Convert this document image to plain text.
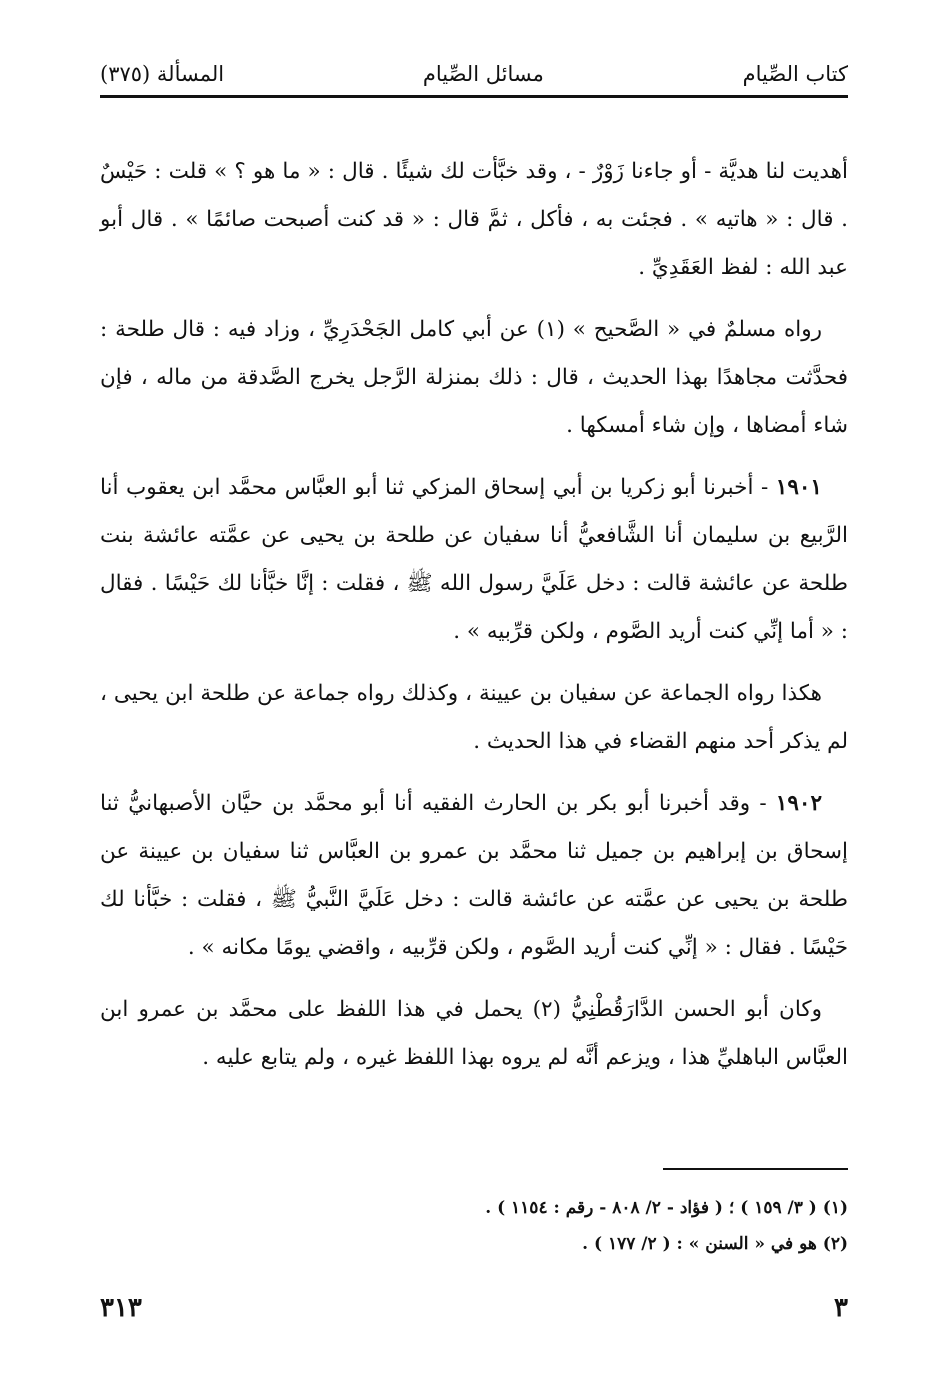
كتاب الصِّيام
مسائل الصِّيام
المسألة (٣٧٥)

أهديت لنا هديَّة - أو جاءنا زَوْرٌ - ، وقد خبَّأت لك شيئًا . قال : « ما هو ؟ » قلت : حَيْسٌ . قال : « هاتيه » . فجئت به ، فأكل ، ثمَّ قال : « قد كنت أصبحت صائمًا » . قال أبو عبد الله : لفظ العَقَدِيِّ .

رواه مسلمٌ في « الصَّحيح » (١) عن أبي كامل الجَحْدَرِيِّ ، وزاد فيه : قال طلحة : فحدَّثت مجاهدًا بهذا الحديث ، قال : ذلك بمنزلة الرَّجل يخرج الصَّدقة من ماله ، فإن شاء أمضاها ، وإن شاء أمسكها .

١٩٠١ - أخبرنا أبو زكريا بن أبي إسحاق المزكي ثنا أبو العبَّاس محمَّد ابن يعقوب أنا الرَّبيع بن سليمان أنا الشَّافعيُّ أنا سفيان عن طلحة بن يحيى عن عمَّته عائشة بنت طلحة عن عائشة قالت : دخل عَلَيَّ رسول الله ﷺ ، فقلت : إنَّا خبَّأنا لك حَيْسًا . فقال : « أما إنِّي كنت أريد الصَّوم ، ولكن قرِّبيه » .

هكذا رواه الجماعة عن سفيان بن عيينة ، وكذلك رواه جماعة عن طلحة ابن يحيى ، لم يذكر أحد منهم القضاء في هذا الحديث .

١٩٠٢ - وقد أخبرنا أبو بكر بن الحارث الفقيه أنا أبو محمَّد بن حيَّان الأصبهانيُّ ثنا إسحاق بن إبراهيم بن جميل ثنا محمَّد بن عمرو بن العبَّاس ثنا سفيان بن عيينة عن طلحة بن يحيى عن عمَّته عن عائشة قالت : دخل عَلَيَّ النَّبيُّ ﷺ ، فقلت : خبَّأنا لك حَيْسًا . فقال : « إنِّي كنت أريد الصَّوم ، ولكن قرِّبيه ، واقضي يومًا مكانه » .

وكان أبو الحسن الدَّارَقُطْنِيُّ (٢) يحمل في هذا اللفظ على محمَّد بن عمرو ابن العبَّاس الباهليِّ هذا ، ويزعم أنَّه لم يروه بهذا اللفظ غيره ، ولم يتابع عليه .

(١) ( ٣/ ١٥٩ ) ؛ ( فؤاد - ٢/ ٨٠٨ - رقم : ١١٥٤ ) .
(٢) هو في « السنن » : ( ٢/ ١٧٧ ) .
٣
٣١٣
